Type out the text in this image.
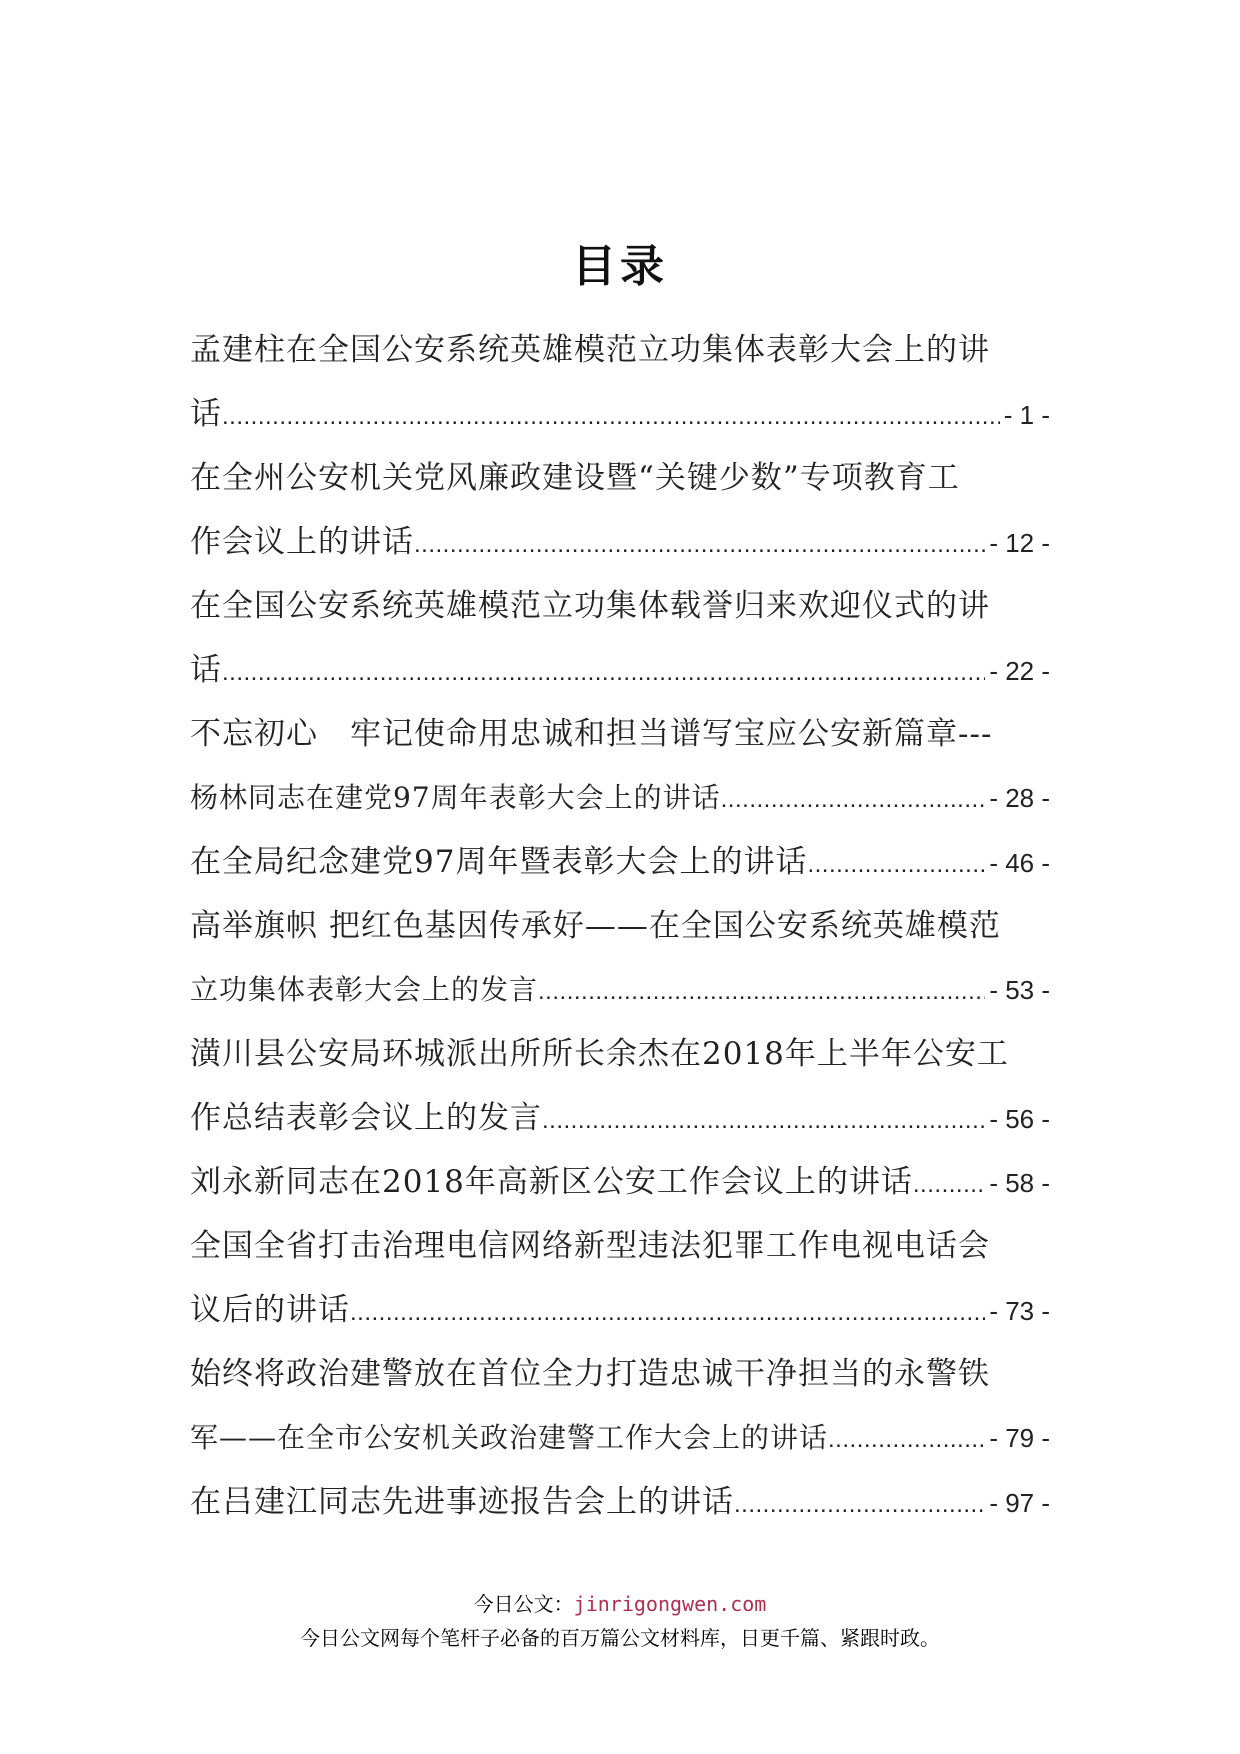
目录
孟建柱在全国公安系统英雄模范立功集体表彰大会上的讲
话 .....	- 1 -
在全州公安机关党风廉政建设暨“关键少数”专项教育工
作会议上的讲话 .....	- 12 -
在全国公安系统英雄模范立功集体载誉归来欢迎仪式的讲
话 .....	- 22 -
不忘初心　牢记使命用忠诚和担当谱写宝应公安新篇章---
杨林同志在建党97周年表彰大会上的讲话 .....	- 28 -
在全局纪念建党97周年暨表彰大会上的讲话 .....	- 46 -
高举旗帜 把红色基因传承好——在全国公安系统英雄模范
立功集体表彰大会上的发言 .....	- 53 -
潢川县公安局环城派出所所长余杰在2018年上半年公安工
作总结表彰会议上的发言 .....	- 56 -
刘永新同志在2018年高新区公安工作会议上的讲话 .....	- 58 -
全国全省打击治理电信网络新型违法犯罪工作电视电话会
议后的讲话 .....	- 73 -
始终将政治建警放在首位全力打造忠诚干净担当的永警铁
军——在全市公安机关政治建警工作大会上的讲话 .....	- 79 -
在吕建江同志先进事迹报告会上的讲话 .....	- 97 -
今日公文：jinrigongwen.com
今日公文网每个笔杆子必备的百万篇公文材料库，日更千篇、紧跟时政。
